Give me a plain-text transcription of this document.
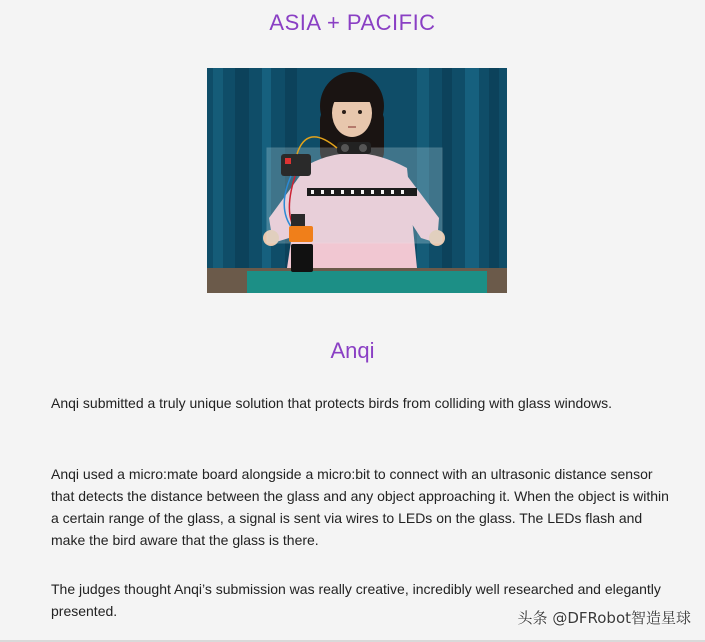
ASIA + PACIFIC
Anqi
Anqi submitted a truly unique solution that protects birds from colliding with glass windows.
Anqi used a micro:mate board alongside a micro:bit to connect with an ultrasonic distance sensor that detects the distance between the glass and any object approaching it. When the object is within a certain range of the glass, a signal is sent via wires to LEDs on the glass. The LEDs flash and make the bird aware that the glass is there.
The judges thought Anqi’s submission was really creative, incredibly well researched and elegantly presented.	头条 @DFRobot智造星球
